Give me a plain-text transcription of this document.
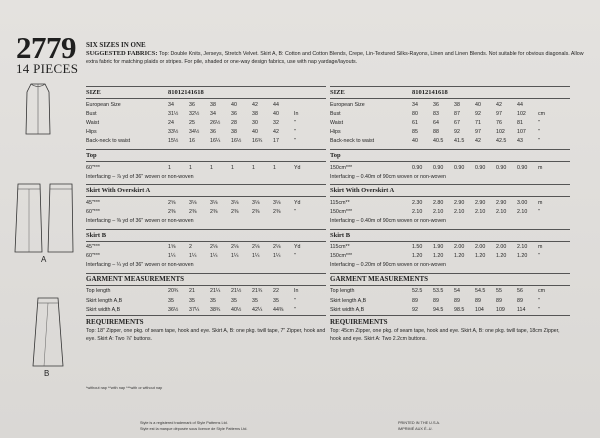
2779
14 PIECES
A
B
SIX SIZES IN ONE
SUGGESTED FABRICS: Top: Double Knits, Jerseys, Stretch Velvet. Skirt A, B: Cotton and Cotton Blends, Crepe, Lin-Textured Silks-Rayons, Linen and Linen Blends. Not suitable for obvious diagonals. Allow extra fabric for matching plaids or stripes. For pile, shaded or one-way design fabrics, use with nap yardage/layouts.
SIZE	8 10 12 14 16 18
European Size	34	36	38	40	42	44
Bust	31½	32½	34	36	38	40	In
Waist	24	25	26½	28	30	32	"
Hips	33½	34½	36	38	40	42	"
Back-neck to waist	15½	16	16¼	16½	16¾	17	"
Top
60"***	1	1	1	1	1	1	Yd
Interfacing – ⅞ yd of 36" woven or non-woven
Skirt With Overskirt A
45"***	2⅝	3⅛	3⅛	3⅛	3⅛	3⅛	Yd
60"***	2⅜	2⅜	2⅜	2⅜	2⅜	2⅜	"
Interfacing – ⅜ yd of 36" woven or non-woven
Skirt B
45"***	1⅝	2	2⅛	2⅛	2⅛	2⅛	Yd
60"***	1¼	1¼	1¼	1¼	1¼	1¼	"
Interfacing – ¼ yd of 36" woven or non-woven
GARMENT MEASUREMENTS
Top length	20¾	21	21¼	21½	21¾	22	In
Skirt length A,B	35	35	35	35	35	35	"
Skirt width A,B	36½	37¼	38¾	40½	42¼	44⅜	"
REQUIREMENTS
Top: 18" Zipper, one pkg. of seam tape, hook and eye. Skirt A, B: one pkg. twill tape, 7" Zipper, hook and eye. Skirt A: Two ⅞" buttons.
SIZE	8 10 12 14 16 18
European Size	34	36	38	40	42	44
Bust	80	83	87	92	97	102	cm
Waist	61	64	67	71	76	81	"
Hips	85	88	92	97	102	107	"
Back-neck to waist	40	40.5	41.5	42	42.5	43	"
Top
150cm***	0.90	0.90	0.90	0.90	0.90	0.90	m
Interfacing – 0.40m of 90cm woven or non-woven
Skirt With Overskirt A
115cm**	2.30	2.80	2.90	2.90	2.90	3.00	m
150cm***	2.10	2.10	2.10	2.10	2.10	2.10	"
Interfacing – 0.40m of 90cm woven or non-woven
Skirt B
115cm**	1.50	1.90	2.00	2.00	2.00	2.10	m
150cm***	1.20	1.20	1.20	1.20	1.20	1.20	"
Interfacing – 0.20m of 90cm woven or non-woven
GARMENT MEASUREMENTS
Top length	52.5	53.5	54	54.5	55	56	cm
Skirt length A,B	89	89	89	89	89	89	"
Skirt width A,B	92	94.5	98.5	104	109	114	"
REQUIREMENTS
Top: 45cm Zipper, one pkg. of seam tape, hook and eye. Skirt A, B: one pkg. twill tape, 18cm Zipper, hook and eye. Skirt A: Two 2.2cm buttons.
*without nap **with nap ***with or without nap
Style is a registered trademark of Style Patterns Ltd.
Style est la marque déposée sous licence de Style Patterns Ltd.
PRINTED IN THE U.S.A.
IMPRIMÉ AUX É.-U.
